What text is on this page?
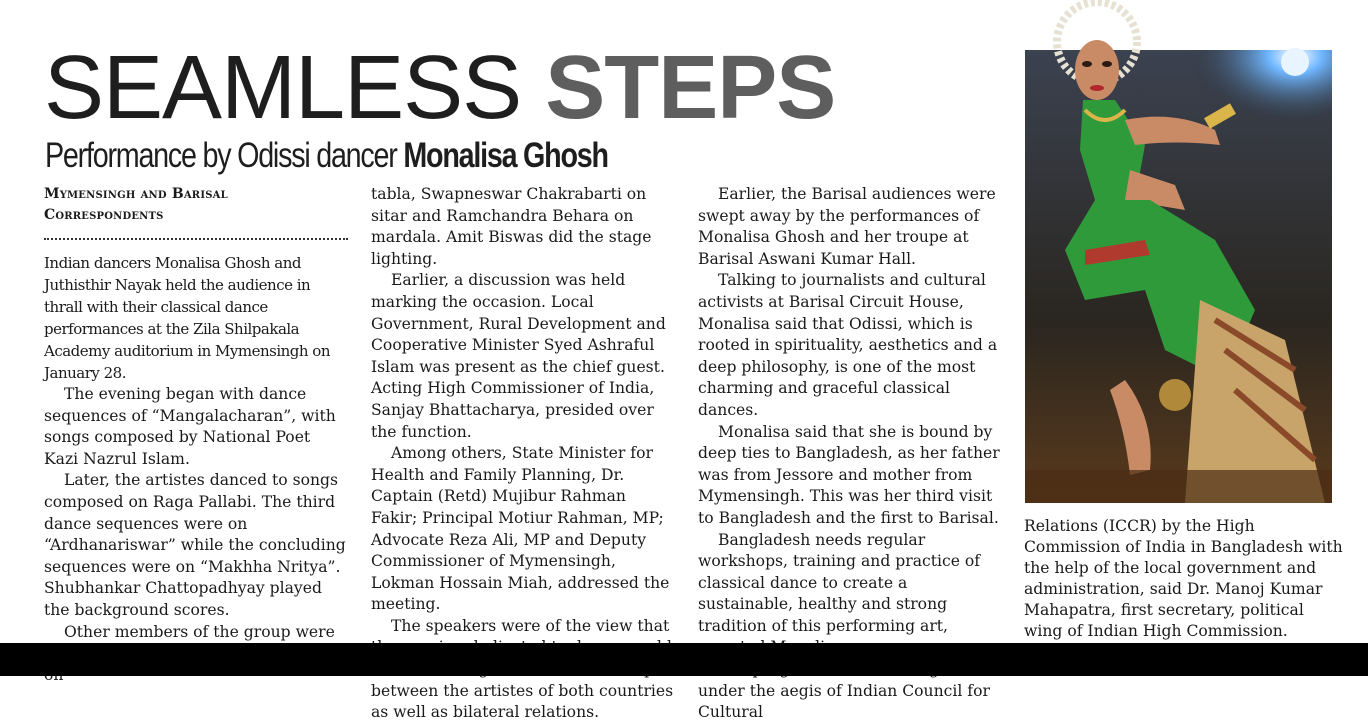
SEAMLESS STEPS
Performance by Odissi dancer Monalisa Ghosh
Mymensingh and Barisal
Correspondents

Indian dancers Monalisa Ghosh and Juthisthir Nayak held the audience in thrall with their classical dance performances at the Zila Shilpakala Academy auditorium in Mymensingh on January 28.

The evening began with dance sequences of “Mangalacharan”, with songs composed by National Poet Kazi Nazrul Islam.

Later, the artistes danced to songs composed on Raga Pallabi. The third dance sequences were on “Ardhanariswar” while the concluding sequences were on “Makhha Nritya”. Shubhankar Chattopadhyay played the background scores.

Other members of the group were

tabla, Swapneswar Chakrabarti on sitar and Ramchandra Behara on mardala. Amit Biswas did the stage lighting.

Earlier, a discussion was held marking the occasion. Local Government, Rural Development and Cooperative Minister Syed Ashraful Islam was present as the chief guest. Acting High Commissioner of India, Sanjay Bhattacharya, presided over the function.

Among others, State Minister for Health and Family Planning, Dr. Captain (Retd) Mujibur Rahman Fakir; Principal Motiur Rahman, MP; Advocate Reza Ali, MP and Deputy Commissioner of Mymensingh, Lokman Hossain Miah, addressed the meeting.

The speakers were of the view that between the artistes of both countries as well as bilateral relations.

Earlier, the Barisal audiences were swept away by the performances of Monalisa Ghosh and her troupe at Barisal Aswani Kumar Hall.

Talking to journalists and cultural activists at Barisal Circuit House, Monalisa said that Odissi, which is rooted in spirituality, aesthetics and a deep philosophy, is one of the most charming and graceful classical dances.

Monalisa said that she is bound by deep ties to Bangladesh, as her father was from Jessore and mother from Mymensingh. This was her third visit to Bangladesh and the first to Barisal.

Bangladesh needs regular workshops, training and practice of classical dance to create a sustainable, healthy and strong tradition of this performing art,

under the aegis of Indian Council for Cultural

Relations (ICCR) by the High Commission of India in Bangladesh with the help of the local government and administration, said Dr. Manoj Kumar Mahapatra, first secretary, political wing of Indian High Commission.
